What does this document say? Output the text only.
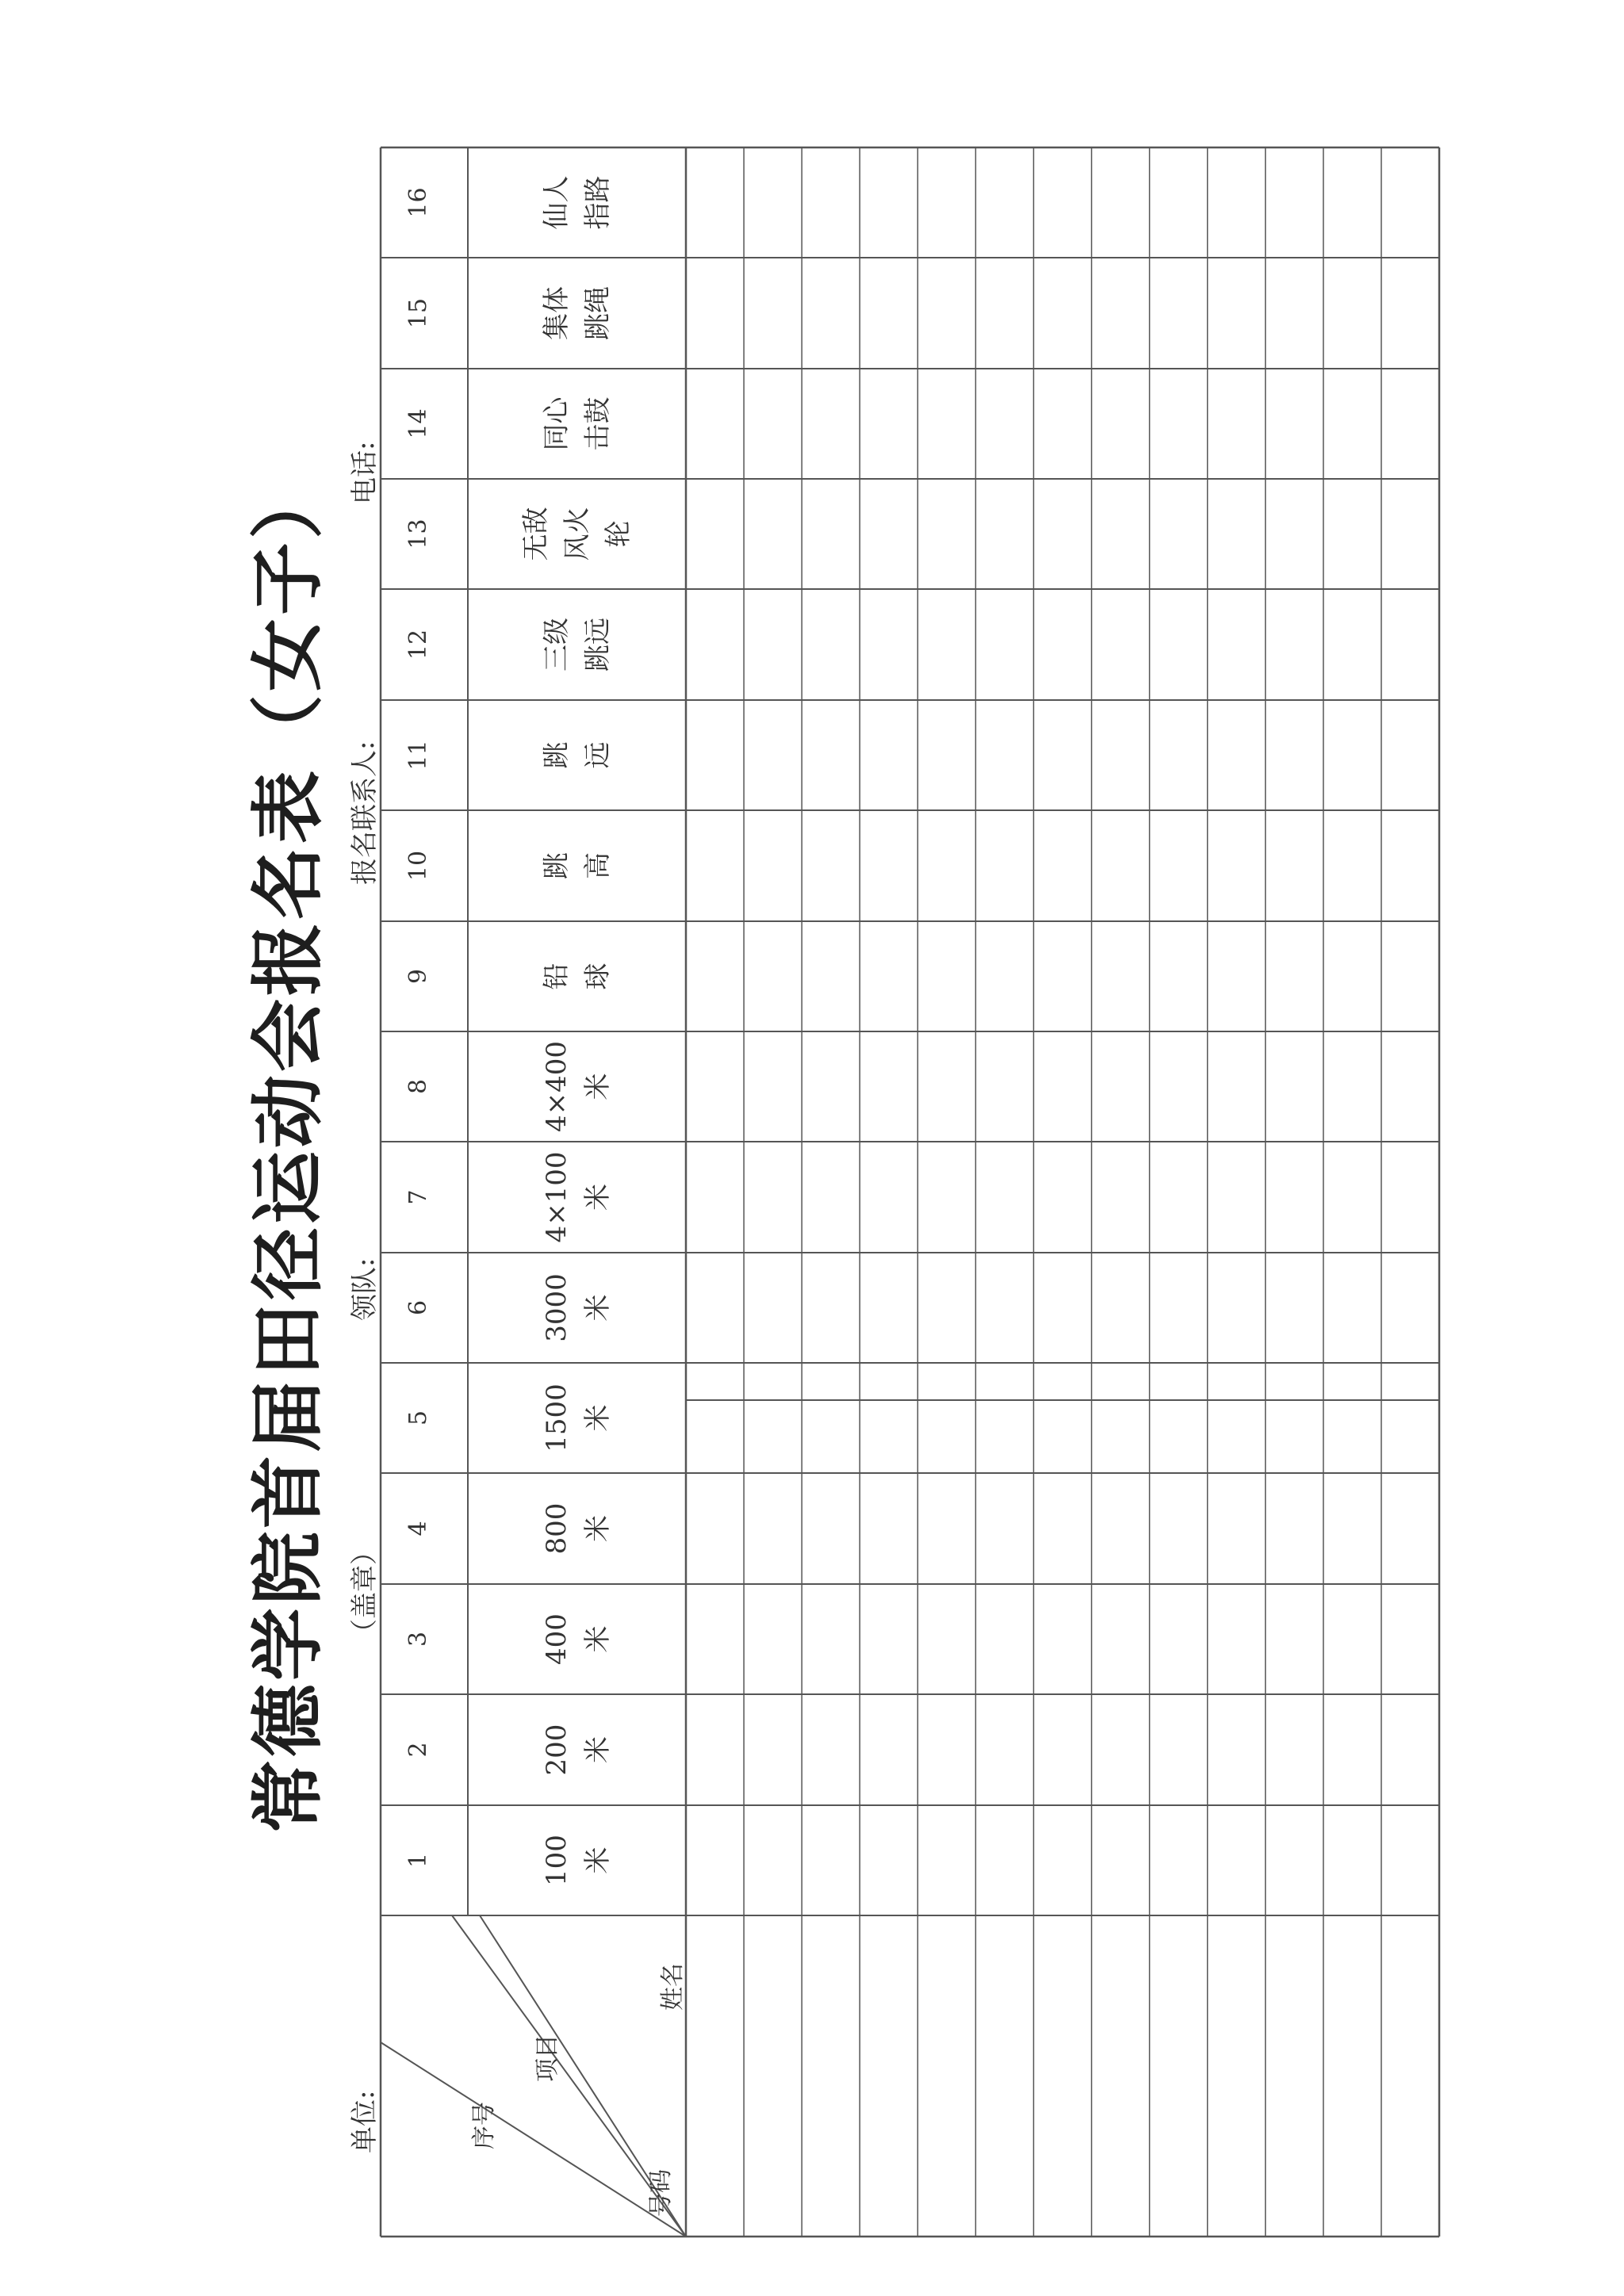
常德学院首届田径运动会报名表（女子）
单位:
（盖章）
领队:
报名联系人:
电话:
序号
项目
姓名
号码
1	100 米
2	200 米
3	400 米
4	800 米
5	1500 米
6	3000 米
7	4×100 米
8	4×400 米
9	铅 球
10	跳 高
11	跳 远
12	三级 跳远
13	无敌 风火 轮
14	同心 击鼓
15	集体 跳绳
16	仙人 指路
